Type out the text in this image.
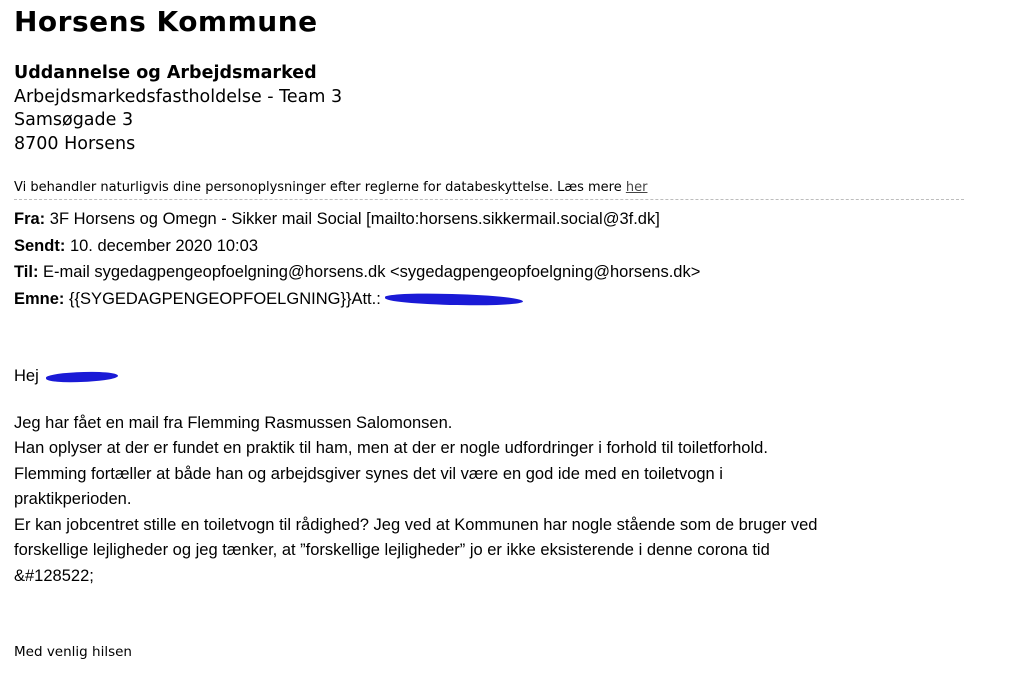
Horsens Kommune
Uddannelse og Arbejdsmarked
Arbejdsmarkedsfastholdelse - Team 3
Samsøgade 3
8700 Horsens
Vi behandler naturligvis dine personoplysninger efter reglerne for databeskyttelse. Læs mere her
Fra: 3F Horsens og Omegn - Sikker mail Social [mailto:horsens.sikkermail.social@3f.dk]
Sendt: 10. december 2020 10:03
Til: E-mail sygedagpengeopfoelgning@horsens.dk <sygedagpengeopfoelgning@horsens.dk>
Emne: {{SYGEDAGPENGEOPFOELGNING}}Att.:
Hej
Jeg har fået en mail fra Flemming Rasmussen Salomonsen.
Han oplyser at der er fundet en praktik til ham, men at der er nogle udfordringer i forhold til toiletforhold.
Flemming fortæller at både han og arbejdsgiver synes det vil være en god ide med en toiletvogn i
praktikperioden.
Er kan jobcentret stille en toiletvogn til rådighed? Jeg ved at Kommunen har nogle stående som de bruger ved
forskellige lejligheder og jeg tænker, at ”forskellige lejligheder” jo er ikke eksisterende i denne corona tid
&#128522;
Med venlig hilsen
